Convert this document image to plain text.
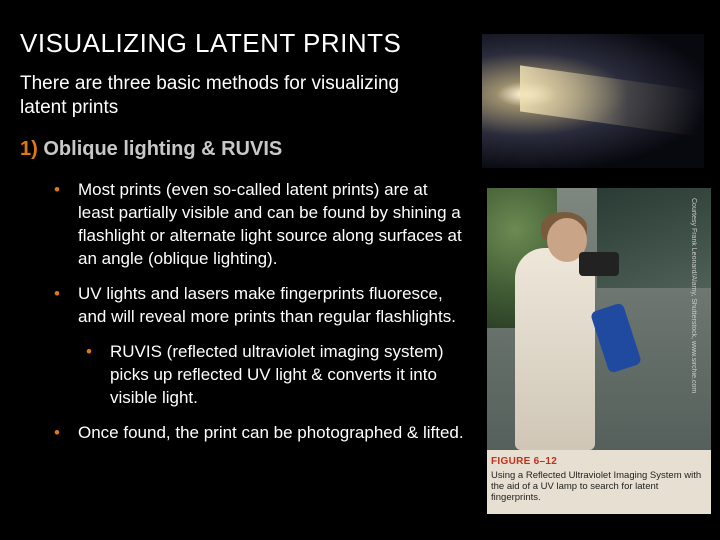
VISUALIZING LATENT PRINTS
There are three basic methods for visualizing latent prints
1) Oblique lighting & RUVIS
• Most prints (even so-called latent prints) are at least partially visible and can be found by shining a flashlight or alternate light source along surfaces at an angle (oblique lighting).
• UV lights and lasers make fingerprints fluoresce, and will reveal more prints than regular flashlights.
• RUVIS (reflected ultraviolet imaging system) picks up reflected UV light & converts it into visible light.
• Once found, the print can be photographed & lifted.
Courtesy Frank Leonard/Alamy, Shutterstock, www.sirchie.com
FIGURE 6–12
Using a Reflected Ultraviolet Imaging System with the aid of a UV lamp to search for latent fingerprints.
